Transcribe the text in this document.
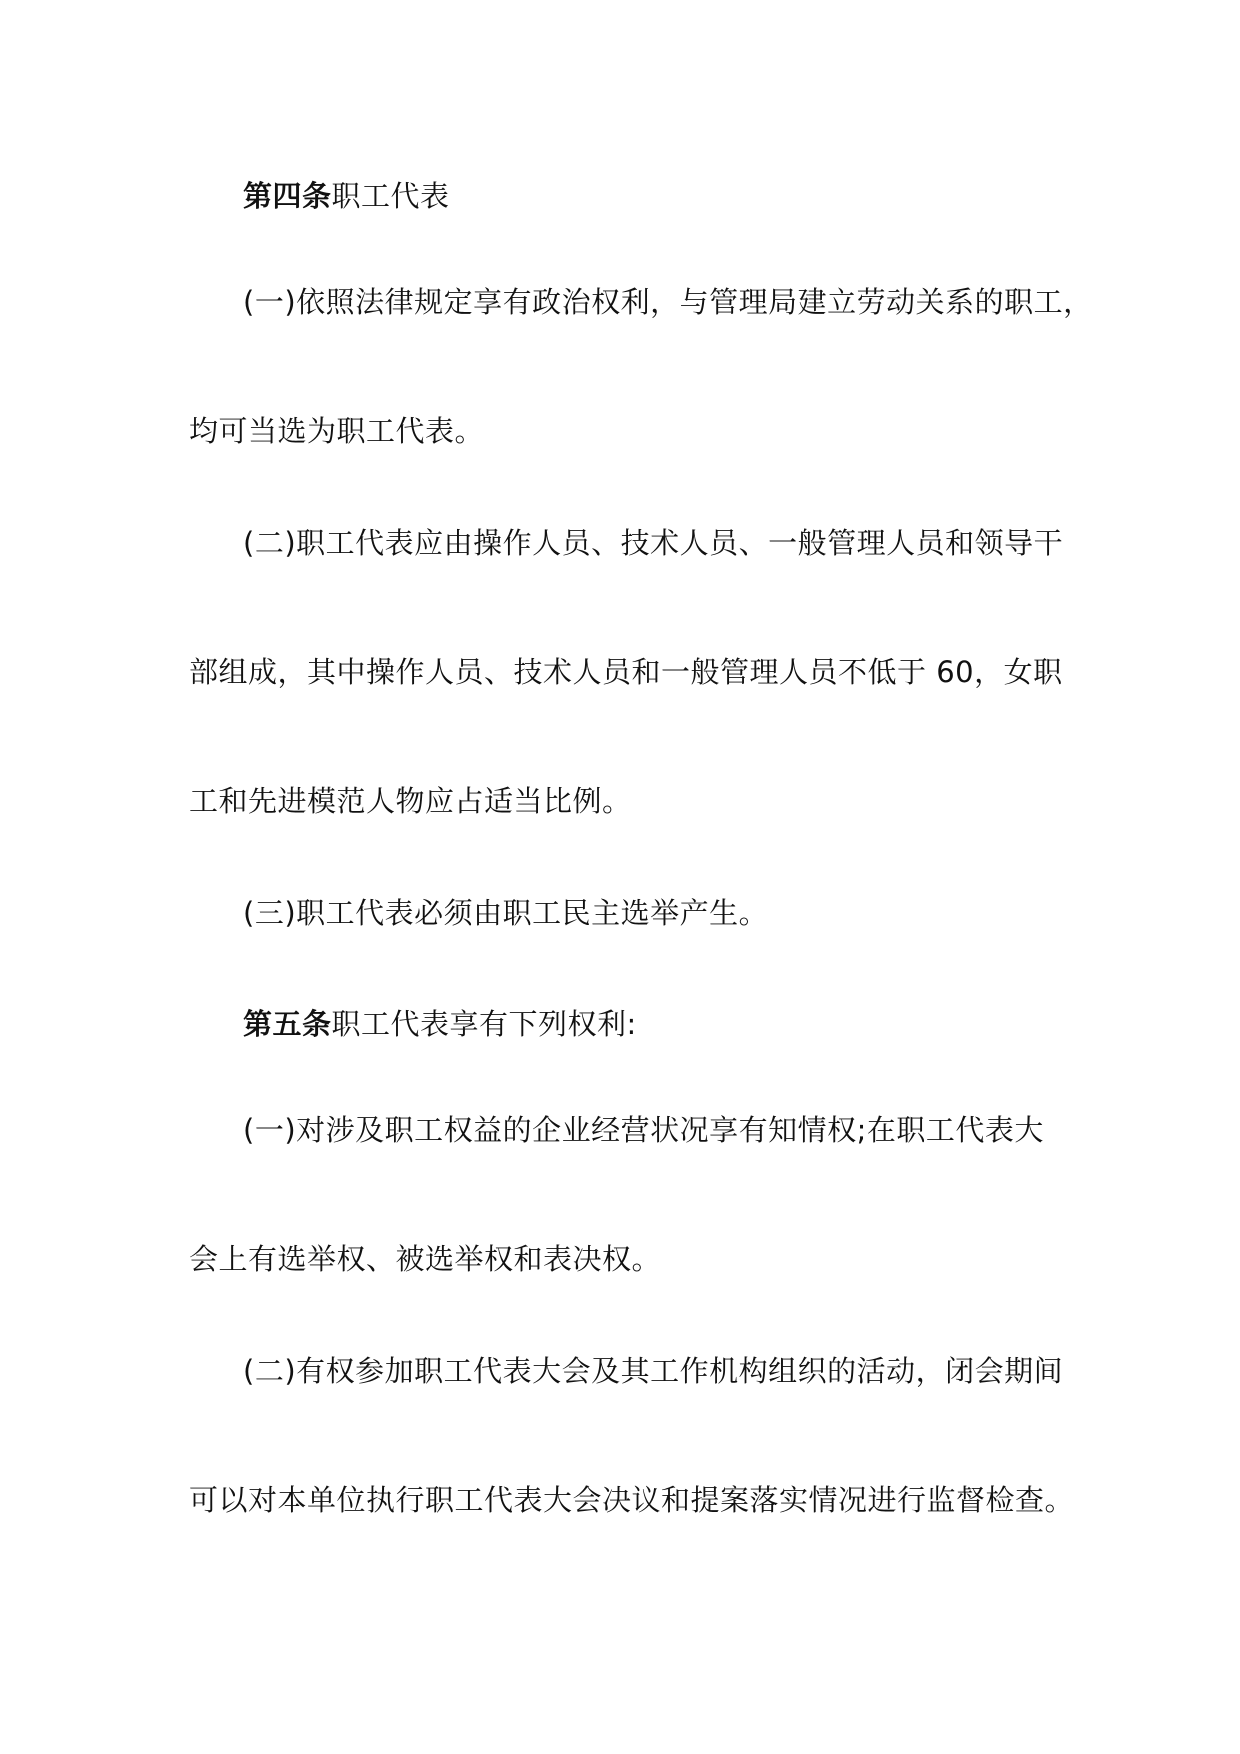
第四条职工代表
(一)依照法律规定享有政治权利，与管理局建立劳动关系的职工，
均可当选为职工代表。
(二)职工代表应由操作人员、技术人员、一般管理人员和领导干
部组成，其中操作人员、技术人员和一般管理人员不低于 60，女职
工和先进模范人物应占适当比例。
(三)职工代表必须由职工民主选举产生。
第五条职工代表享有下列权利:
(一)对涉及职工权益的企业经营状况享有知情权;在职工代表大
会上有选举权、被选举权和表决权。
(二)有权参加职工代表大会及其工作机构组织的活动，闭会期间
可以对本单位执行职工代表大会决议和提案落实情况进行监督检查。
